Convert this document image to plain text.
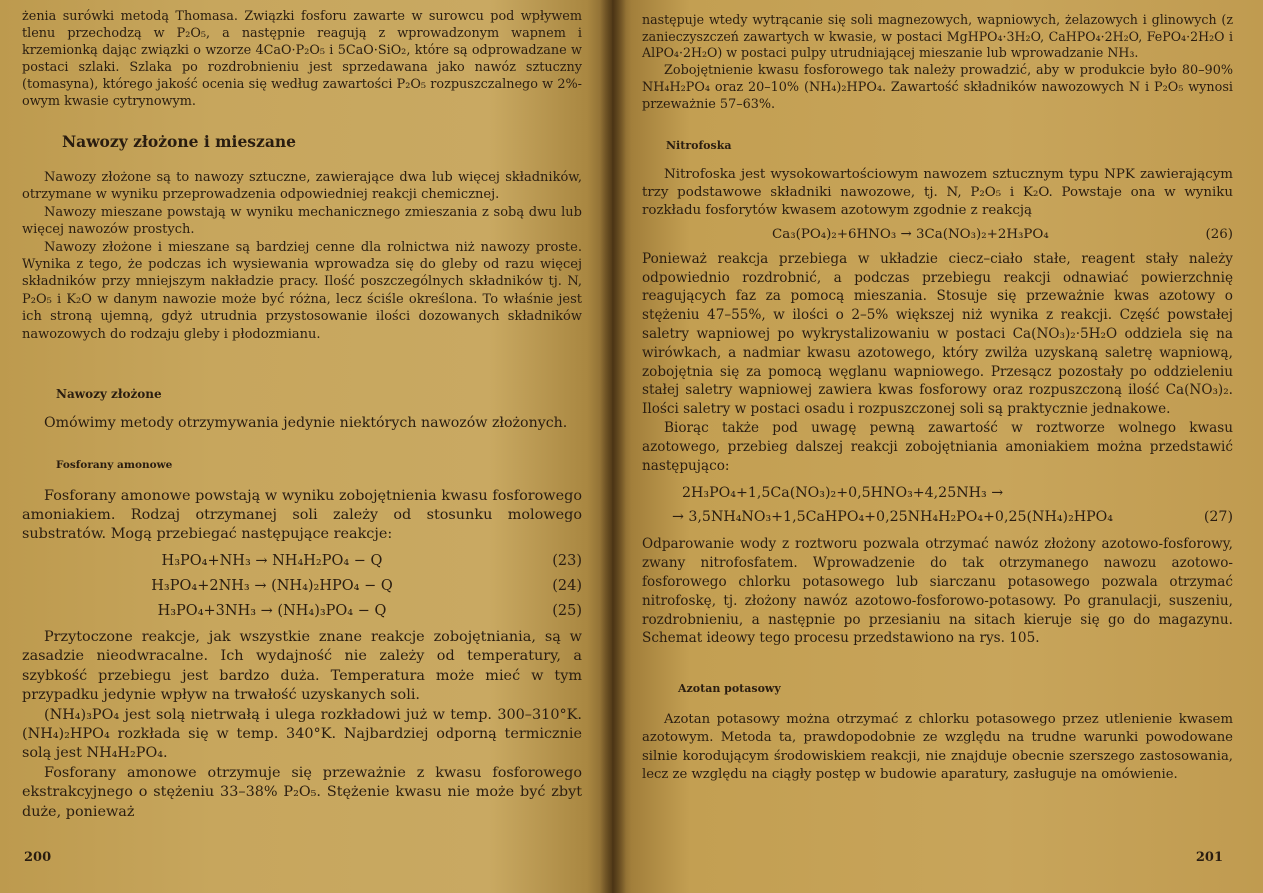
żenia surówki metodą Thomasa. Związki fosforu zawarte w surowcu pod wpływem tlenu przechodzą w P₂O₅, a następnie reagują z wprowadzonym wapnem i krzemionką dając związki o wzorze 4CaO·P₂O₅ i 5CaO·SiO₂, które są odprowadzane w postaci szlaki. Szlaka po rozdrobnieniu jest sprzedawana jako nawóz sztuczny (tomasyna), którego jakość ocenia się według zawartości P₂O₅ rozpuszczalnego w 2%-owym kwasie cytrynowym.

Nawozy złożone i mieszane

Nawozy złożone są to nawozy sztuczne, zawierające dwa lub więcej składników, otrzymane w wyniku przeprowadzenia odpowiedniej reakcji chemicznej.

Nawozy mieszane powstają w wyniku mechanicznego zmieszania z sobą dwu lub więcej nawozów prostych.

Nawozy złożone i mieszane są bardziej cenne dla rolnictwa niż nawozy proste. Wynika z tego, że podczas ich wysiewania wprowadza się do gleby od razu więcej składników przy mniejszym nakładzie pracy. Ilość poszczególnych składników tj. N, P₂O₅ i K₂O w danym nawozie może być różna, lecz ściśle określona. To właśnie jest ich stroną ujemną, gdyż utrudnia przystosowanie ilości dozowanych składników nawozowych do rodzaju gleby i płodozmianu.

Nawozy złożone

Omówimy metody otrzymywania jedynie niektórych nawozów złożonych.

Fosforany amonowe

Fosforany amonowe powstają w wyniku zobojętnienia kwasu fosforowego amoniakiem. Rodzaj otrzymanej soli zależy od stosunku molowego substratów. Mogą przebiegać następujące reakcje:

H₃PO₄+NH₃ → NH₄H₂PO₄ − Q	(23)
H₃PO₄+2NH₃ → (NH₄)₂HPO₄ − Q	(24)
H₃PO₄+3NH₃ → (NH₄)₃PO₄ − Q	(25)

Przytoczone reakcje, jak wszystkie znane reakcje zobojętniania, są w zasadzie nieodwracalne. Ich wydajność nie zależy od temperatury, a szybkość przebiegu jest bardzo duża. Temperatura może mieć w tym przypadku jedynie wpływ na trwałość uzyskanych soli.

(NH₄)₃PO₄ jest solą nietrwałą i ulega rozkładowi już w temp. 300–310°K. (NH₄)₂HPO₄ rozkłada się w temp. 340°K. Najbardziej odporną termicznie solą jest NH₄H₂PO₄.

Fosforany amonowe otrzymuje się przeważnie z kwasu fosforowego ekstrakcyjnego o stężeniu 33–38% P₂O₅. Stężenie kwasu nie może być zbyt duże, ponieważ

200

następuje wtedy wytrącanie się soli magnezowych, wapniowych, żelazowych i glinowych (z zanieczyszczeń zawartych w kwasie, w postaci MgHPO₄·3H₂O, CaHPO₄·2H₂O, FePO₄·2H₂O i AlPO₄·2H₂O) w postaci pulpy utrudniającej mieszanie lub wprowadzanie NH₃.

Zobojętnienie kwasu fosforowego tak należy prowadzić, aby w produkcie było 80–90% NH₄H₂PO₄ oraz 20–10% (NH₄)₂HPO₄. Zawartość składników nawozowych N i P₂O₅ wynosi przeważnie 57–63%.

Nitrofoska

Nitrofoska jest wysokowartościowym nawozem sztucznym typu NPK zawierającym trzy podstawowe składniki nawozowe, tj. N, P₂O₅ i K₂O. Powstaje ona w wyniku rozkładu fosforytów kwasem azotowym zgodnie z reakcją

Ca₃(PO₄)₂+6HNO₃ → 3Ca(NO₃)₂+2H₃PO₄	(26)

Ponieważ reakcja przebiega w układzie ciecz–ciało stałe, reagent stały należy odpowiednio rozdrobnić, a podczas przebiegu reakcji odnawiać powierzchnię reagujących faz za pomocą mieszania. Stosuje się przeważnie kwas azotowy o stężeniu 47–55%, w ilości o 2–5% większej niż wynika z reakcji. Część powstałej saletry wapniowej po wykrystalizowaniu w postaci Ca(NO₃)₂·5H₂O oddziela się na wirówkach, a nadmiar kwasu azotowego, który zwilża uzyskaną saletrę wapniową, zobojętnia się za pomocą węglanu wapniowego. Przesącz pozostały po oddzieleniu stałej saletry wapniowej zawiera kwas fosforowy oraz rozpuszczoną ilość Ca(NO₃)₂. Ilości saletry w postaci osadu i rozpuszczonej soli są praktycznie jednakowe.

Biorąc także pod uwagę pewną zawartość w roztworze wolnego kwasu azotowego, przebieg dalszej reakcji zobojętniania amoniakiem można przedstawić następująco:

2H₃PO₄+1,5Ca(NO₃)₂+0,5HNO₃+4,25NH₃ →
→ 3,5NH₄NO₃+1,5CaHPO₄+0,25NH₄H₂PO₄+0,25(NH₄)₂HPO₄	(27)

Odparowanie wody z roztworu pozwala otrzymać nawóz złożony azotowo-fosforowy, zwany nitrofosfatem. Wprowadzenie do tak otrzymanego nawozu azotowo-fosforowego chlorku potasowego lub siarczanu potasowego pozwala otrzymać nitrofoskę, tj. złożony nawóz azotowo-fosforowo-potasowy. Po granulacji, suszeniu, rozdrobnieniu, a następnie po przesianiu na sitach kieruje się go do magazynu. Schemat ideowy tego procesu przedstawiono na rys. 105.

Azotan potasowy

Azotan potasowy można otrzymać z chlorku potasowego przez utlenienie kwasem azotowym. Metoda ta, prawdopodobnie ze względu na trudne warunki powodowane silnie korodującym środowiskiem reakcji, nie znajduje obecnie szerszego zastosowania, lecz ze względu na ciągły postęp w budowie aparatury, zasługuje na omówienie.

201
